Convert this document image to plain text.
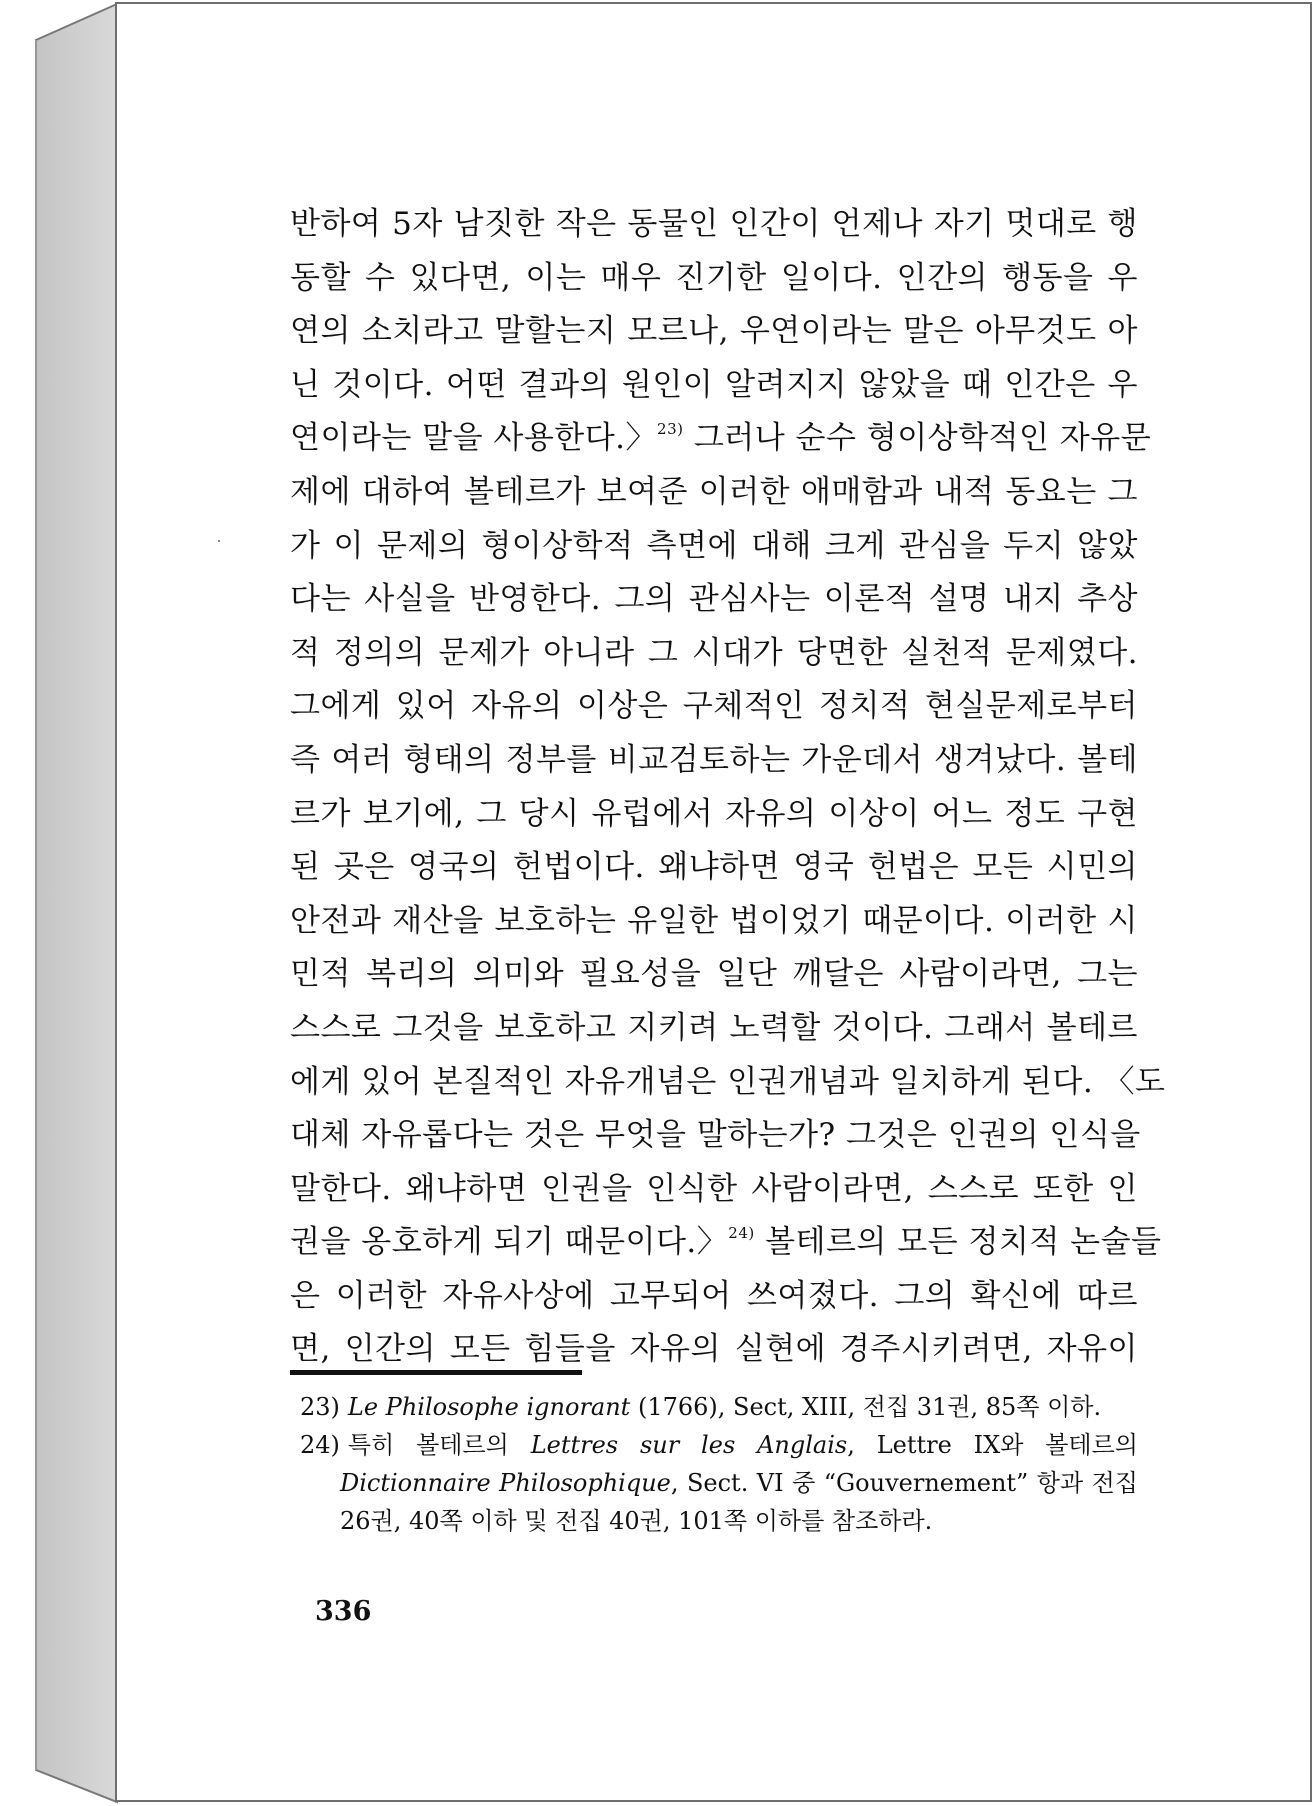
반하여 5자 남짓한 작은 동물인 인간이 언제나 자기 멋대로 행
동할 수 있다면, 이는 매우 진기한 일이다. 인간의 행동을 우
연의 소치라고 말할는지 모르나, 우연이라는 말은 아무것도 아
닌 것이다. 어떤 결과의 원인이 알려지지 않았을 때 인간은 우
연이라는 말을 사용한다.〉$^{23)}$ 그러나 순수 형이상학적인 자유문
제에 대하여 볼테르가 보여준 이러한 애매함과 내적 동요는 그
가 이 문제의 형이상학적 측면에 대해 크게 관심을 두지 않았
다는 사실을 반영한다. 그의 관심사는 이론적 설명 내지 추상
적 정의의 문제가 아니라 그 시대가 당면한 실천적 문제였다.
그에게 있어 자유의 이상은 구체적인 정치적 현실문제로부터
즉 여러 형태의 정부를 비교검토하는 가운데서 생겨났다. 볼테
르가 보기에, 그 당시 유럽에서 자유의 이상이 어느 정도 구현
된 곳은 영국의 헌법이다. 왜냐하면 영국 헌법은 모든 시민의
안전과 재산을 보호하는 유일한 법이었기 때문이다. 이러한 시
민적 복리의 의미와 필요성을 일단 깨달은 사람이라면, 그는
스스로 그것을 보호하고 지키려 노력할 것이다. 그래서 볼테르
에게 있어 본질적인 자유개념은 인권개념과 일치하게 된다. 〈도
대체 자유롭다는 것은 무엇을 말하는가? 그것은 인권의 인식을
말한다. 왜냐하면 인권을 인식한 사람이라면, 스스로 또한 인
권을 옹호하게 되기 때문이다.〉$^{24)}$ 볼테르의 모든 정치적 논술들
은 이러한 자유사상에 고무되어 쓰여졌다. 그의 확신에 따르
면, 인간의 모든 힘들을 자유의 실현에 경주시키려면, 자유이
23) Le Philosophe ignorant (1766), Sect, XIII, 전집 31권, 85쪽 이하.
24) 특히 볼테르의 Lettres sur les Anglais, Lettre IX와 볼테르의
Dictionnaire Philosophique, Sect. VI 중 “Gouvernement” 항과 전집
26권, 40쪽 이하 및 전집 40권, 101쪽 이하를 참조하라.
336
